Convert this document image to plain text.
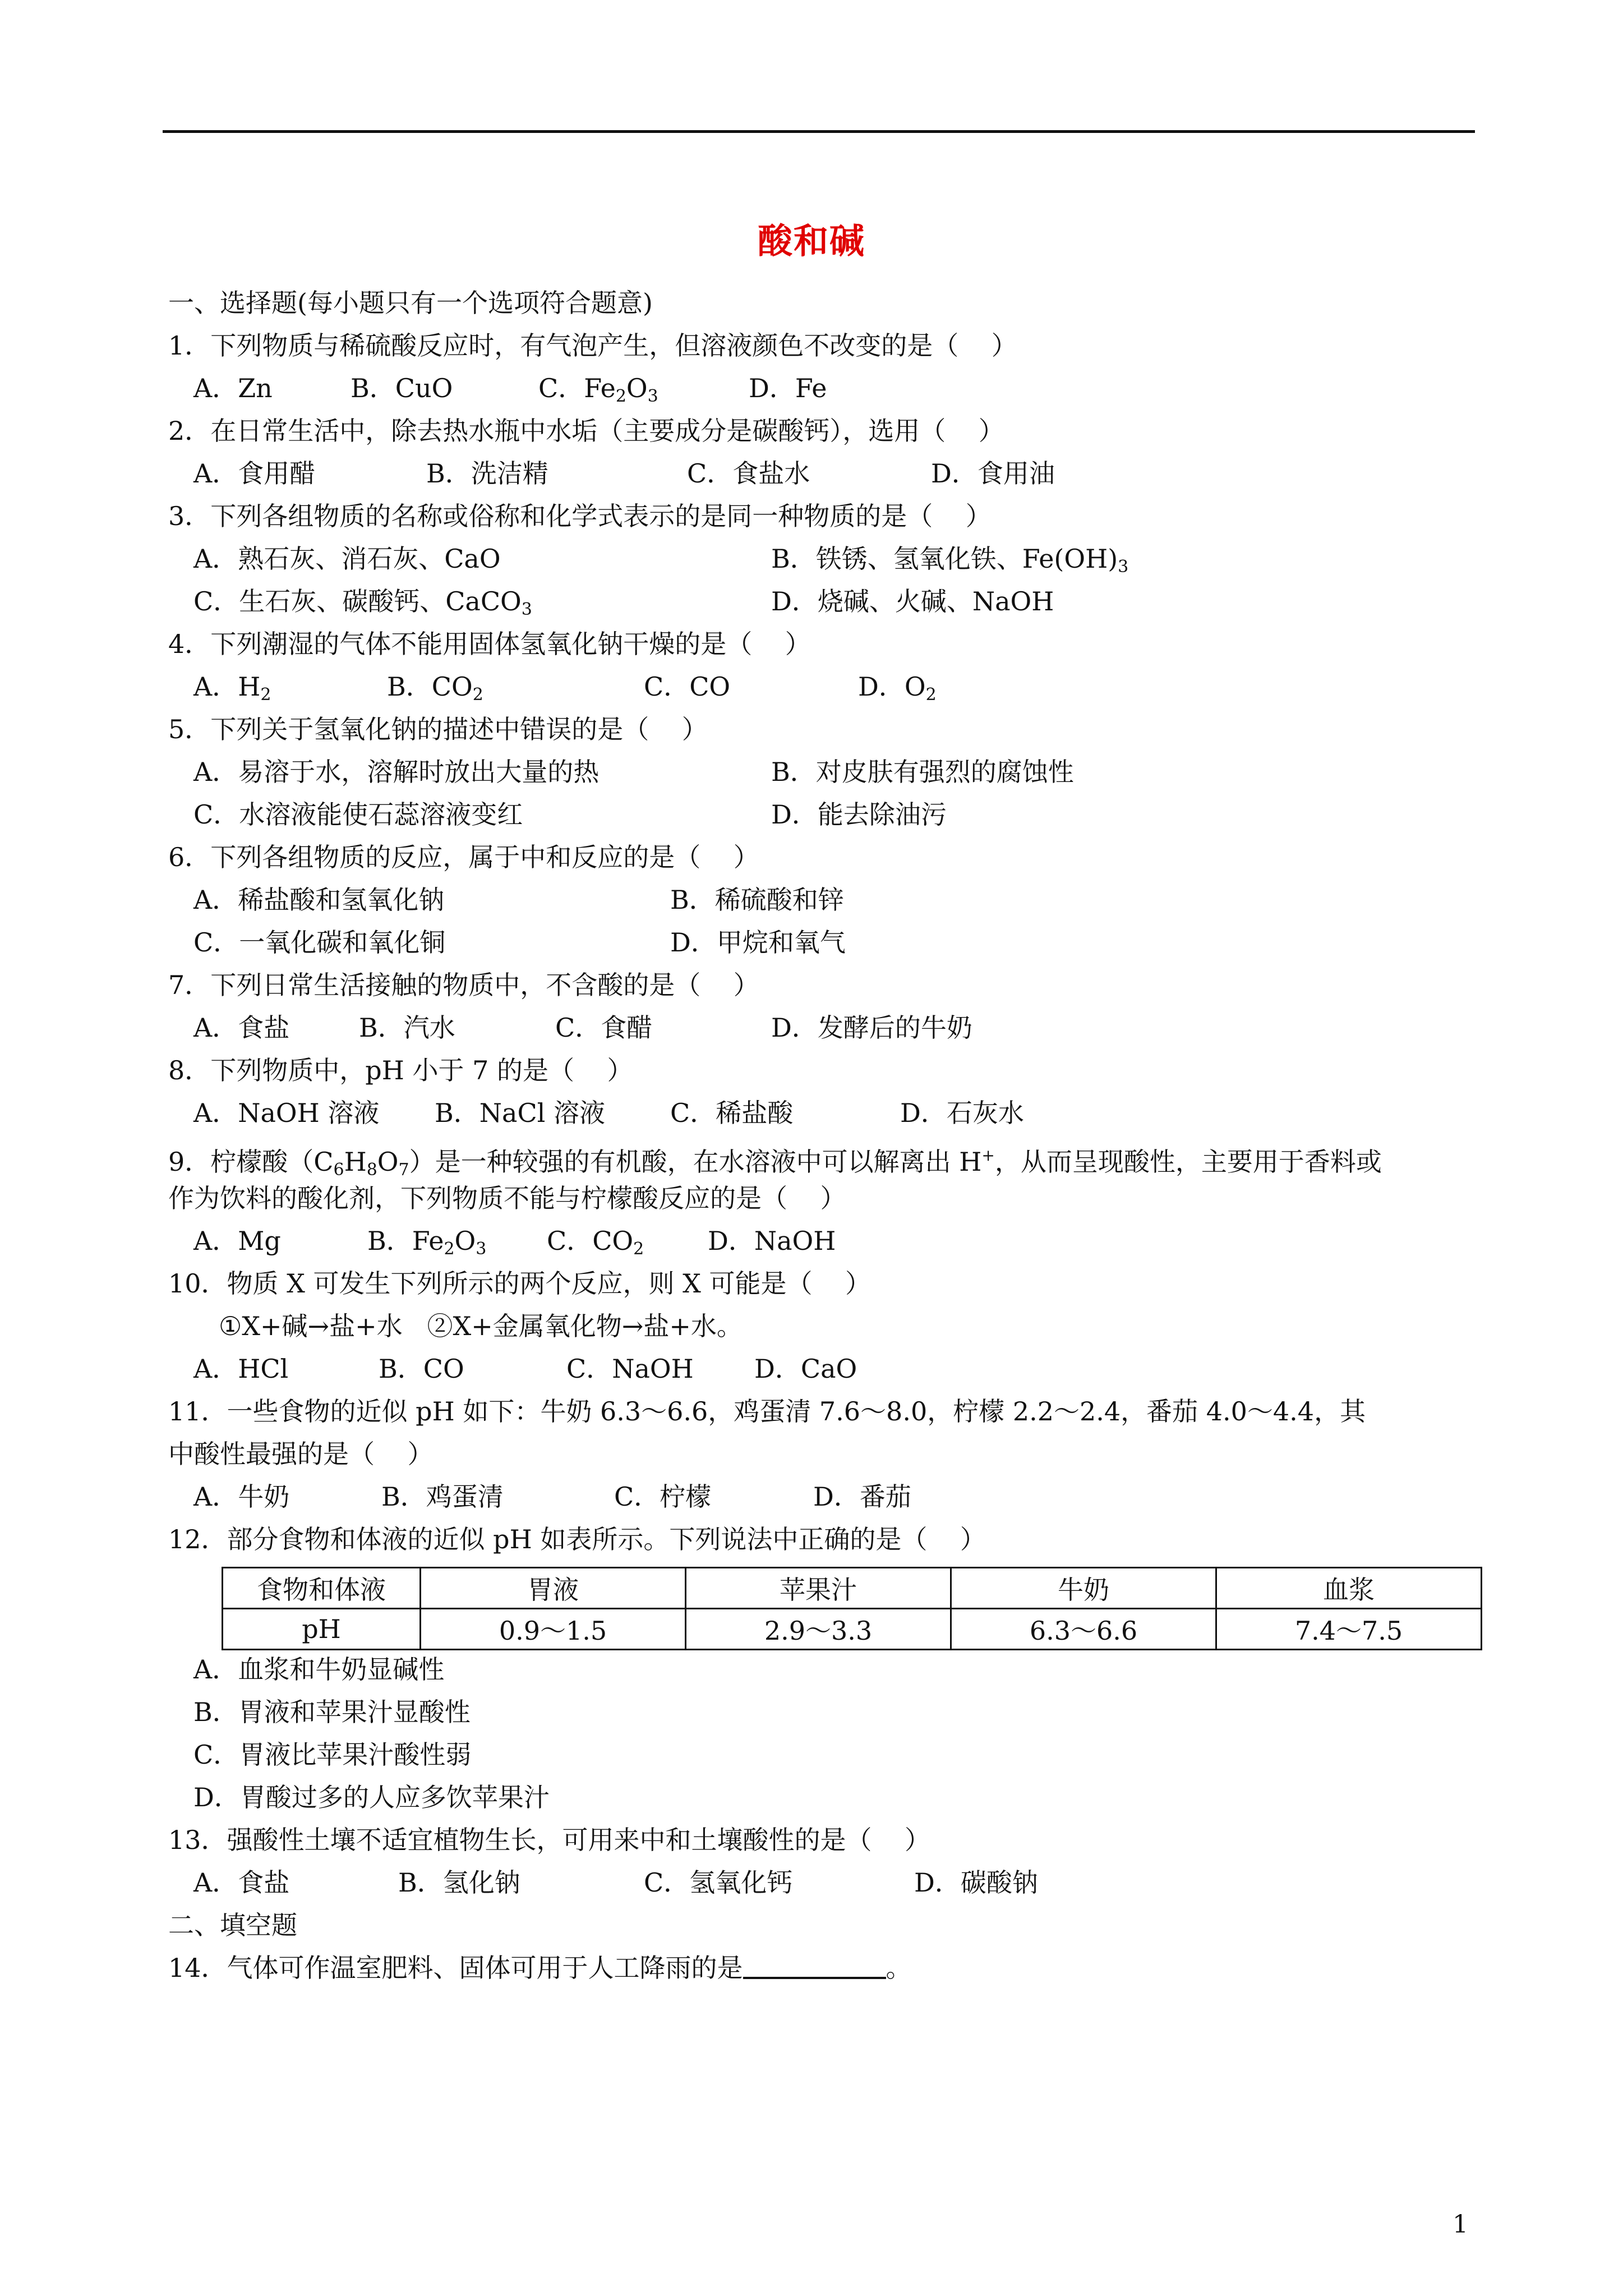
酸和碱
一、选择题(每小题只有一个选项符合题意)
1．下列物质与稀硫酸反应时，有气泡产生，但溶液颜色不改变的是（    ）
A．Zn	B．CuO	C．$Fe_2O_3$	D．Fe
2．在日常生活中，除去热水瓶中水垢（主要成分是碳酸钙），选用（    ）
A．食用醋	B．洗洁精	C．食盐水	D．食用油
3．下列各组物质的名称或俗称和化学式表示的是同一种物质的是（    ）
A．熟石灰、消石灰、CaO	B．铁锈、氢氧化铁、$Fe(OH)_3$
C．生石灰、碳酸钙、CaCO$_3$	D．烧碱、火碱、NaOH
4．下列潮湿的气体不能用固体氢氧化钠干燥的是（    ）
A．$H_2$	B．$CO_2$	C．CO	D．$O_2$
5．下列关于氢氧化钠的描述中错误的是（    ）
A．易溶于水，溶解时放出大量的热	B．对皮肤有强烈的腐蚀性
C．水溶液能使石蕊溶液变红	D．能去除油污
6．下列各组物质的反应，属于中和反应的是（    ）
A．稀盐酸和氢氧化钠	B．稀硫酸和锌
C．一氧化碳和氧化铜	D．甲烷和氧气
7．下列日常生活接触的物质中，不含酸的是（    ）
A．食盐	B．汽水	C．食醋	D．发酵后的牛奶
8．下列物质中，pH 小于 7 的是（    ）
A．NaOH 溶液 B．NaCl 溶液	C．稀盐酸	D．石灰水
9．柠檬酸$(C_6H_8O_7)$是一种较强的有机酸，在水溶液中可以解离出 H+，从而呈现酸性，主要用于香料或
作为饮料的酸化剂，下列物质不能与柠檬酸反应的是（    ）
A．Mg	B．$Fe_2O_3$ C．$CO_2$ D．NaOH
10．物质 X 可发生下列所示的两个反应，则 X 可能是（    ）
①X+碱→盐+水   ②X+金属氧化物→盐+水。
A．HCl	B．CO	C．NaOH D．CaO
11．一些食物的近似 pH 如下：牛奶 6.3～6.6，鸡蛋清 7.6～8.0，柠檬 2.2～2.4，番茄 4.0～4.4，其
中酸性最强的是（    ）
A．牛奶	B．鸡蛋清	C．柠檬	D．番茄
12．部分食物和体液的近似 pH 如表所示。下列说法中正确的是（    ）
食物和体液	胃液	苹果汁	牛奶	血浆
pH	0.9～1.5	2.9～3.3	6.3～6.6	7.4～7.5
A．血浆和牛奶显碱性
B．胃液和苹果汁显酸性
C．胃液比苹果汁酸性弱
D．胃酸过多的人应多饮苹果汁
13．强酸性土壤不适宜植物生长，可用来中和土壤酸性的是（    ）
A．食盐	B．氢化钠	C．氢氧化钙	D．碳酸钠
二、填空题
14．气体可作温室肥料、固体可用于人工降雨的是	。
1
